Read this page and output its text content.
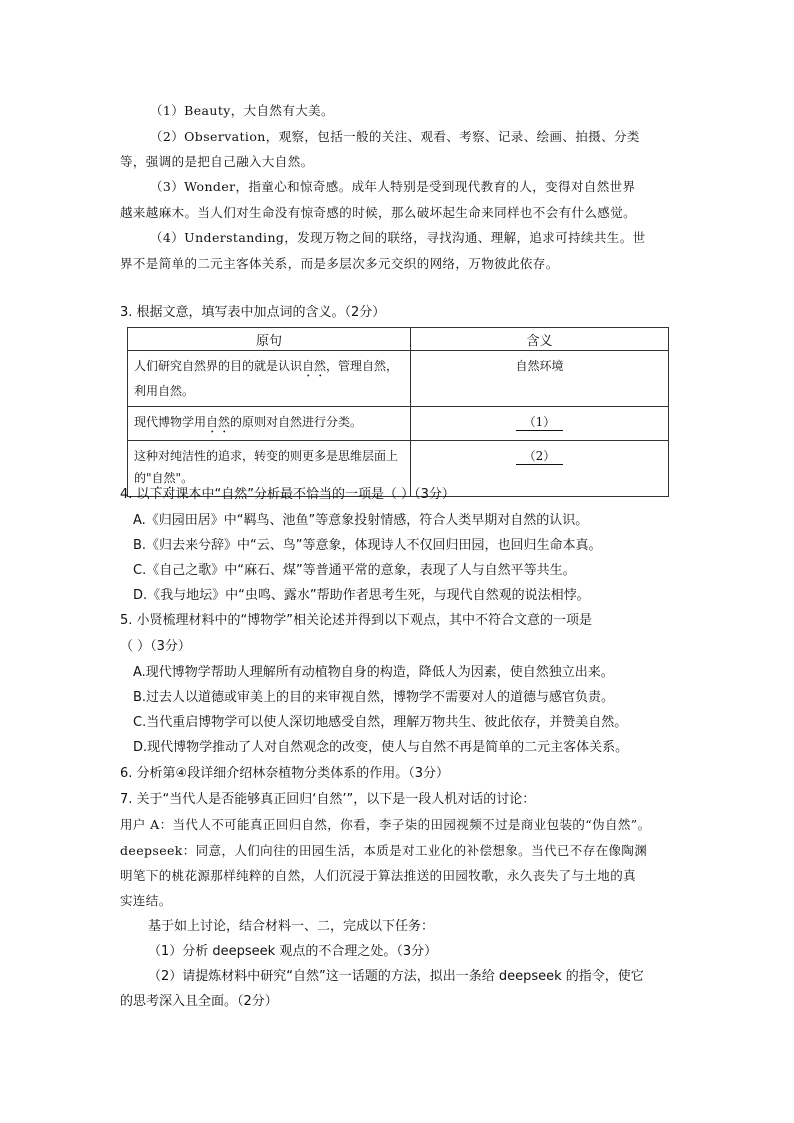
（1）Beauty，大自然有大美。
（2）Observation，观察，包括一般的关注、观看、考察、记录、绘画、拍摄、分类
等，强调的是把自己融入大自然。
（3）Wonder，指童心和惊奇感。成年人特别是受到现代教育的人，变得对自然世界
越来越麻木。当人们对生命没有惊奇感的时候，那么破坏起生命来同样也不会有什么感觉。
（4）Understanding，发现万物之间的联络，寻找沟通、理解，追求可持续共生。世
界不是简单的二元主客体关系，而是多层次多元交织的网络，万物彼此依存。
3. 根据文意，填写表中加点词的含义。（2分）
原句	含义
人们研究自然界的目的就是认识自然，管理自然，利用自然。	自然环境
现代博物学用自然的原则对自然进行分类。	（1）
这种对纯洁性的追求，转变的则更多是思维层面上的"自然"。	（2）
4. 以下对课本中“自然”分析最不恰当的一项是（ ）（3分）
A.《归园田居》中“羁鸟、池鱼”等意象投射情感，符合人类早期对自然的认识。
B.《归去来兮辞》中“云、鸟”等意象，体现诗人不仅回归田园，也回归生命本真。
C.《自己之歌》中“麻石、煤”等普通平常的意象，表现了人与自然平等共生。
D.《我与地坛》中“虫鸣、露水”帮助作者思考生死，与现代自然观的说法相悖。
5. 小贤梳理材料中的“博物学”相关论述并得到以下观点，其中不符合文意的一项是
（ ）（3分）
A.现代博物学帮助人理解所有动植物自身的构造，降低人为因素，使自然独立出来。
B.过去人以道德或审美上的目的来审视自然，博物学不需要对人的道德与感官负责。
C.当代重启博物学可以使人深切地感受自然，理解万物共生、彼此依存，并赞美自然。
D.现代博物学推动了人对自然观念的改变，使人与自然不再是简单的二元主客体关系。
6. 分析第④段详细介绍林奈植物分类体系的作用。（3分）
7. 关于“当代人是否能够真正回归‘自然’”，以下是一段人机对话的讨论：
用户 A：当代人不可能真正回归自然，你看，李子柒的田园视频不过是商业包装的“伪自然”。
deepseek：同意，人们向往的田园生活，本质是对工业化的补偿想象。当代已不存在像陶渊
明笔下的桃花源那样纯粹的自然，人们沉浸于算法推送的田园牧歌，永久丧失了与土地的真
实连结。
基于如上讨论，结合材料一、二，完成以下任务：
（1）分析 deepseek 观点的不合理之处。（3分）
（2）请提炼材料中研究“自然”这一话题的方法，拟出一条给 deepseek 的指令，使它
的思考深入且全面。（2分）
